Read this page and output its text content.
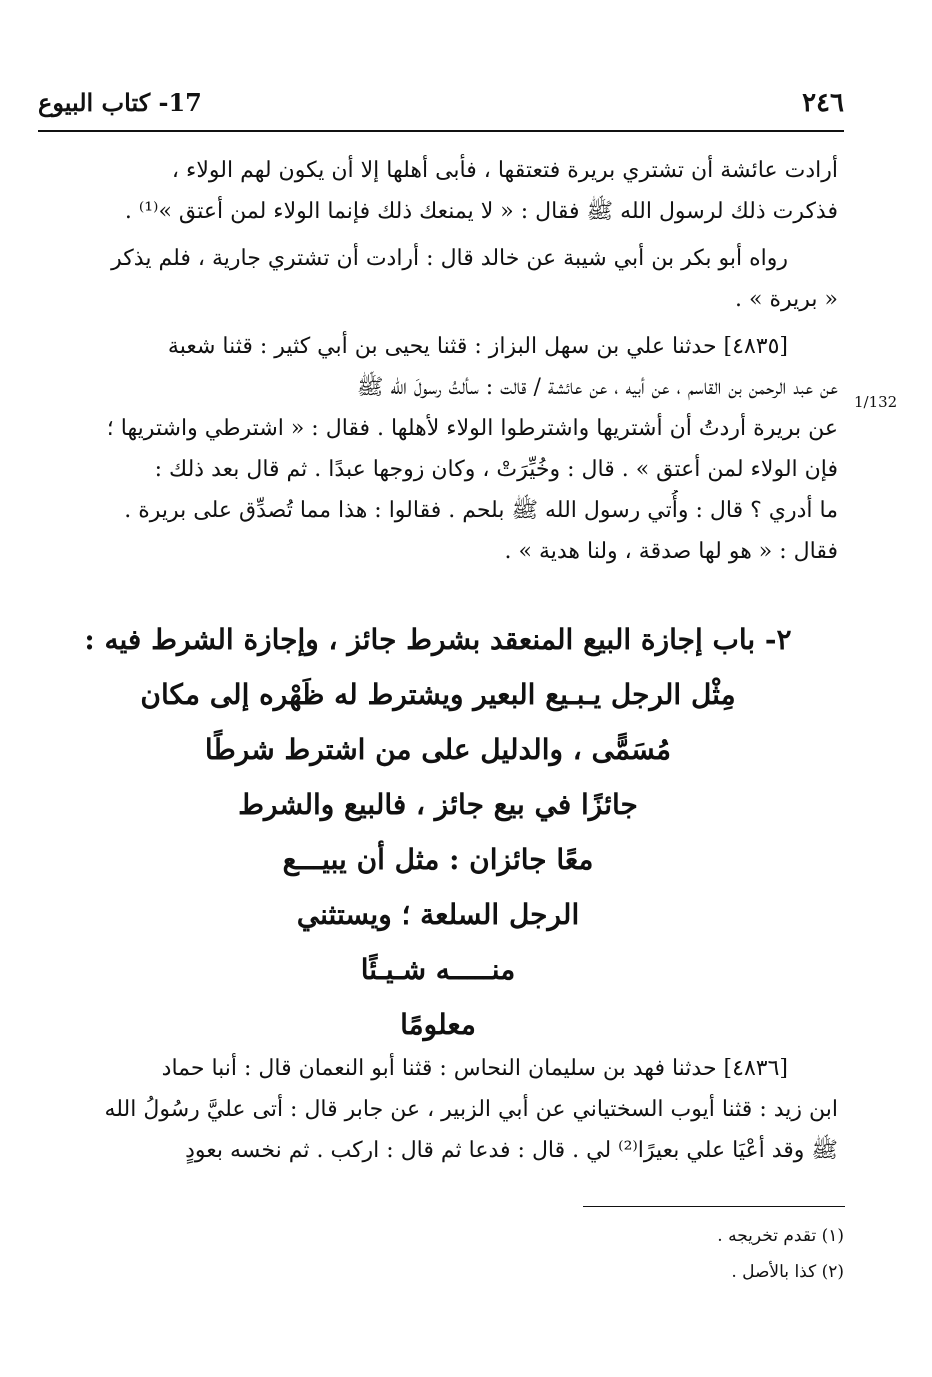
٢٤٦
17- كتاب البيوع
1/132
أرادت عائشة أن تشتري بريرة فتعتقها ، فأبى أهلها إلا أن يكون لهم الولاء ،
فذكرت ذلك لرسول الله ﷺ فقال : « لا يمنعك ذلك فإنما الولاء لمن أعتق »⁽¹⁾ .
رواه أبو بكر بن أبي شيبة عن خالد قال : أرادت أن تشتري جارية ، فلم يذكر
« بريرة » .
[٤٨٣٥] حدثنا علي بن سهل البزاز : قثنا يحيى بن أبي كثير : قثنا شعبة
عن عبد الرحمن بن القاسم ، عن أبيه ، عن عائشة / قالت : سألتُ رسولَ الله ﷺ
عن بريرة أردتُ أن أشتريها واشترطوا الولاء لأهلها . فقال : « اشترطي واشتريها ؛
فإن الولاء لمن أعتق » . قال : وخُيِّرَتْ ، وكان زوجها عبدًا . ثم قال بعد ذلك :
ما أدري ؟ قال : وأُتي رسول الله ﷺ بلحم . فقالوا : هذا مما تُصدِّق على بريرة .
فقال : « هو لها صدقة ، ولنا هدية » .
٢- باب إجازة البيع المنعقد بشرط جائز ، وإجازة الشرط فيه :
مِثْل الرجل يـبـيع البعير ويشترط له ظَهْره إلى مكان
مُسَمًّى ، والدليل على من اشترط شرطًا
جائزًا في بيع جائز ، فالبيع والشرط
معًا جائزان : مثل أن يبيـــع
الرجل السلعة ؛ ويستثني
منـــــه شـيـئًا
معلومًا
[٤٨٣٦] حدثنا فهد بن سليمان النحاس : قثنا أبو النعمان قال : أنبا حماد
ابن زيد : قثنا أيوب السختياني عن أبي الزبير ، عن جابر قال : أتى عليَّ رسُولُ الله
ﷺ وقد أعْيَا علي بعيرًا⁽²⁾ لي . قال : فدعا ثم قال : اركب . ثم نخسه بعودٍ
(١) تقدم تخريجه .
(٢) كذا بالأصل .
